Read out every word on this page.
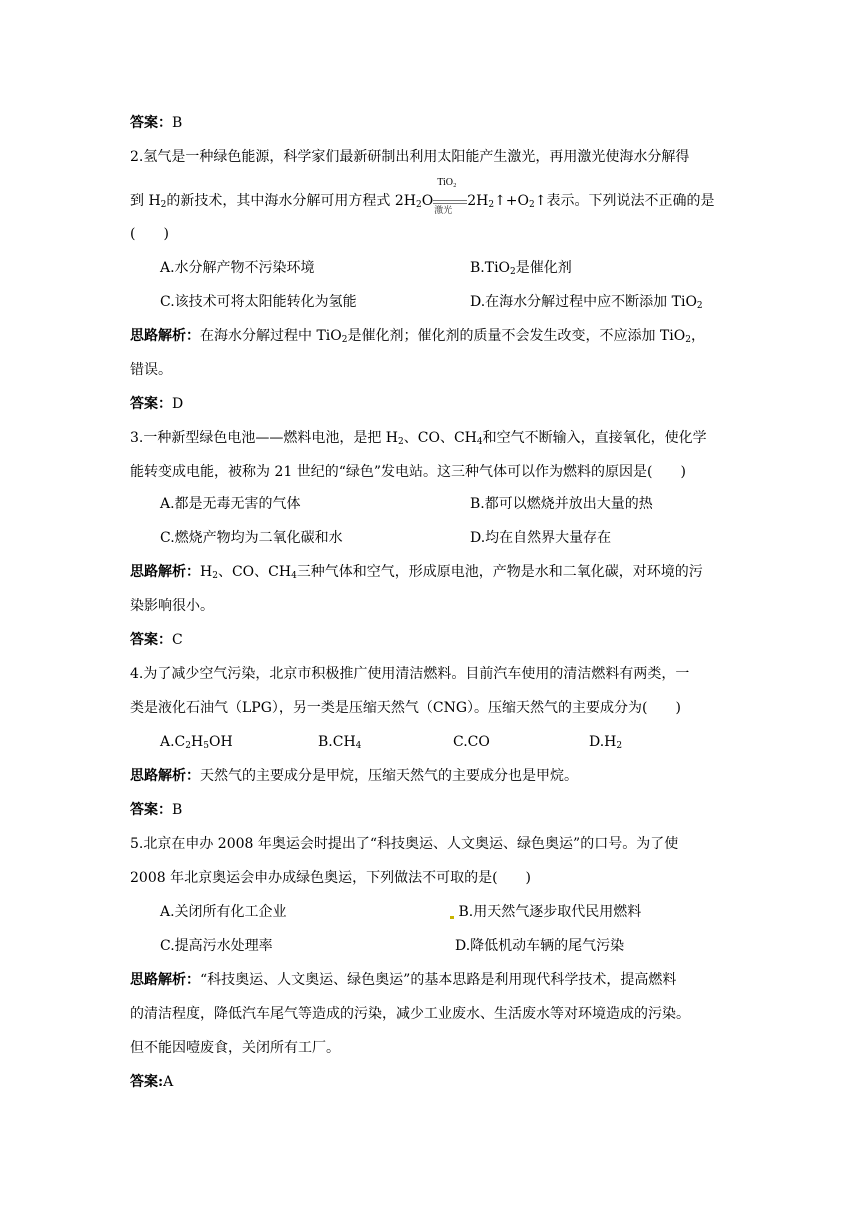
答案：B
2.氢气是一种绿色能源，科学家们最新研制出利用太阳能产生激光，再用激光使海水分解得
到 $H_2$的新技术，其中海水分解可用方程式 $2H_2O$
TiO₂
激光
$2H_2↑+O_2↑$表示。下列说法不正确的是
(　　)
A.水分解产物不污染环境	B.TiO$_2$是催化剂
C.该技术可将太阳能转化为氢能	D.在海水分解过程中应不断添加 TiO$_2$
思路解析：在海水分解过程中 TiO$_2$是催化剂；催化剂的质量不会发生改变，不应添加 TiO$_2$，
错误。
答案：D
3.一种新型绿色电池——燃料电池，是把 $H_2$、CO、$CH_4$和空气不断输入，直接氧化，使化学
能转变成电能，被称为 21 世纪的“绿色”发电站。这三种气体可以作为燃料的原因是(　　)
A.都是无毒无害的气体	B.都可以燃烧并放出大量的热
C.燃烧产物均为二氧化碳和水	D.均在自然界大量存在
思路解析：$H_2$、CO、$CH_4$三种气体和空气，形成原电池，产物是水和二氧化碳，对环境的污
染影响很小。
答案：C
4.为了减少空气污染，北京市积极推广使用清洁燃料。目前汽车使用的清洁燃料有两类，一
类是液化石油气（LPG），另一类是压缩天然气（CNG）。压缩天然气的主要成分为(　　)
$A.C_2H_5OH$	$B.CH_4$	C.CO	$D.H_2$
思路解析：天然气的主要成分是甲烷，压缩天然气的主要成分也是甲烷。
答案：B
5.北京在申办 2008 年奥运会时提出了“科技奥运、人文奥运、绿色奥运”的口号。为了使
2008 年北京奥运会申办成绿色奥运，下列做法不可取的是(　　)
A.关闭所有化工企业	B.用天然气逐步取代民用燃料
C.提高污水处理率	D.降低机动车辆的尾气污染
思路解析：“科技奥运、人文奥运、绿色奥运”的基本思路是利用现代科学技术，提高燃料
的清洁程度，降低汽车尾气等造成的污染，减少工业废水、生活废水等对环境造成的污染。
但不能因噎废食，关闭所有工厂。
答案:A
